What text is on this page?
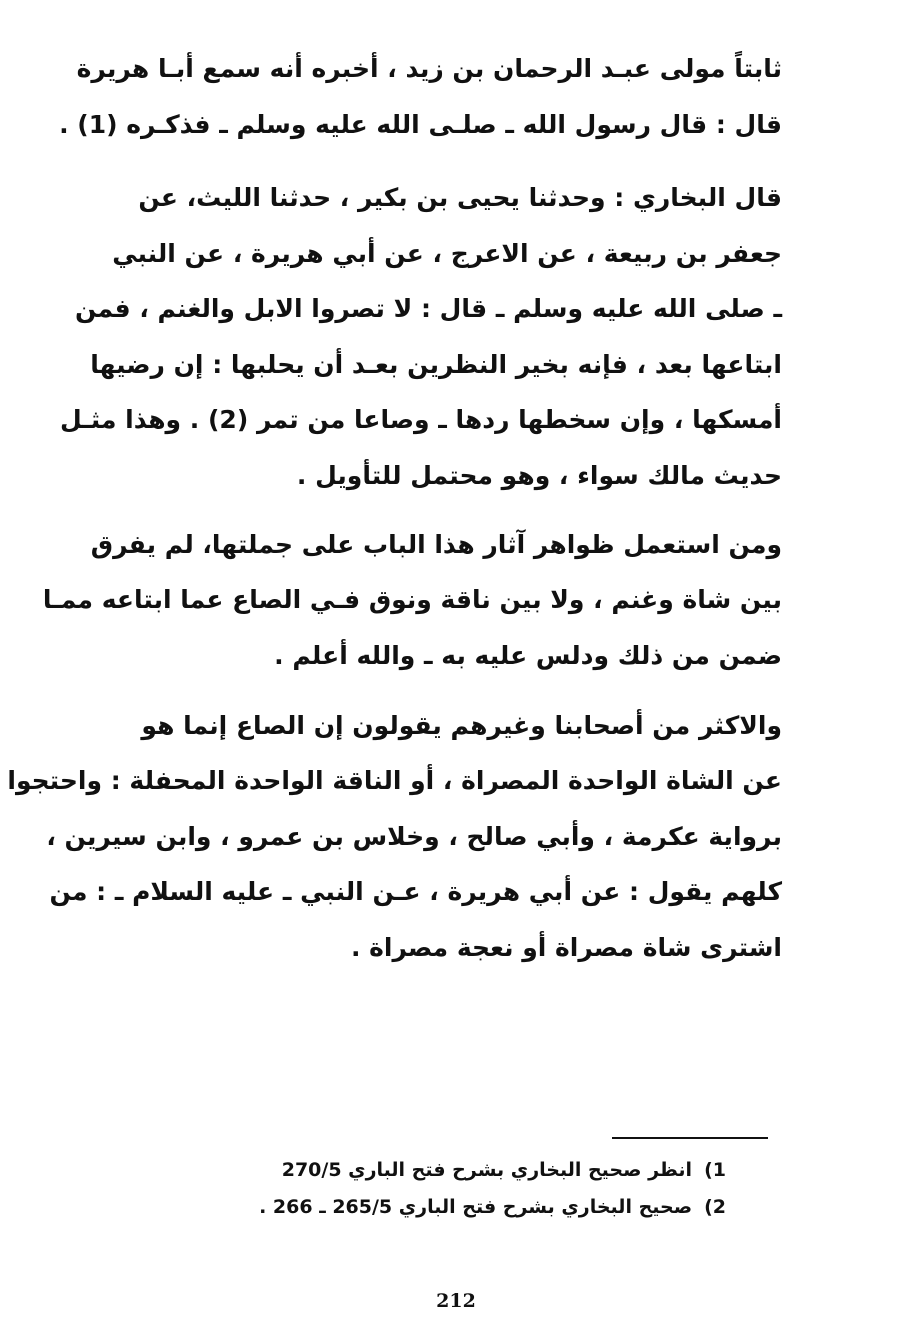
ثابتاً مولى عبـد الرحمان بن زيد ، أخبره أنه سمع أبـا هريرة
قال : قال رسول الله ـ صلـى الله عليه وسلم ـ فذكـره (1) .
قال البخاري : وحدثنا يحيى بن بكير ، حدثنا الليث، عن
جعفر بن ربيعة ، عن الاعرج ، عن أبي هريرة ، عن النبي
ـ صلى الله عليه وسلم ـ قال : لا تصروا الابل والغنم ، فمن
ابتاعها بعد ، فإنه بخير النظرين بعـد أن يحلبها : إن رضيها
أمسكها ، وإن سخطها ردها ـ وصاعا من تمر (2) . وهذا مثـل
حديث مالك سواء ، وهو محتمل للتأويل .
ومن استعمل ظواهر آثار هذا الباب على جملتها، لم يفرق
بين شاة وغنم ، ولا بين ناقة ونوق فـي الصاع عما ابتاعه ممـا
ضمن من ذلك ودلس عليه به ـ والله أعلم .
والاكثر من أصحابنا وغيرهم يقولون إن الصاع إنما هو
عن الشاة الواحدة المصراة ، أو الناقة الواحدة المحفلة : واحتجوا
برواية عكرمة ، وأبي صالح ، وخلاس بن عمرو ، وابن سيرين ،
كلهم يقول : عن أبي هريرة ، عـن النبي ـ عليه السلام ـ : من
اشترى شاة مصراة أو نعجة مصراة .
1)انظر صحيح البخاري بشرح فتح الباري 270/5
2)صحيح البخاري بشرح فتح الباري 265/5 ـ 266 .
212
